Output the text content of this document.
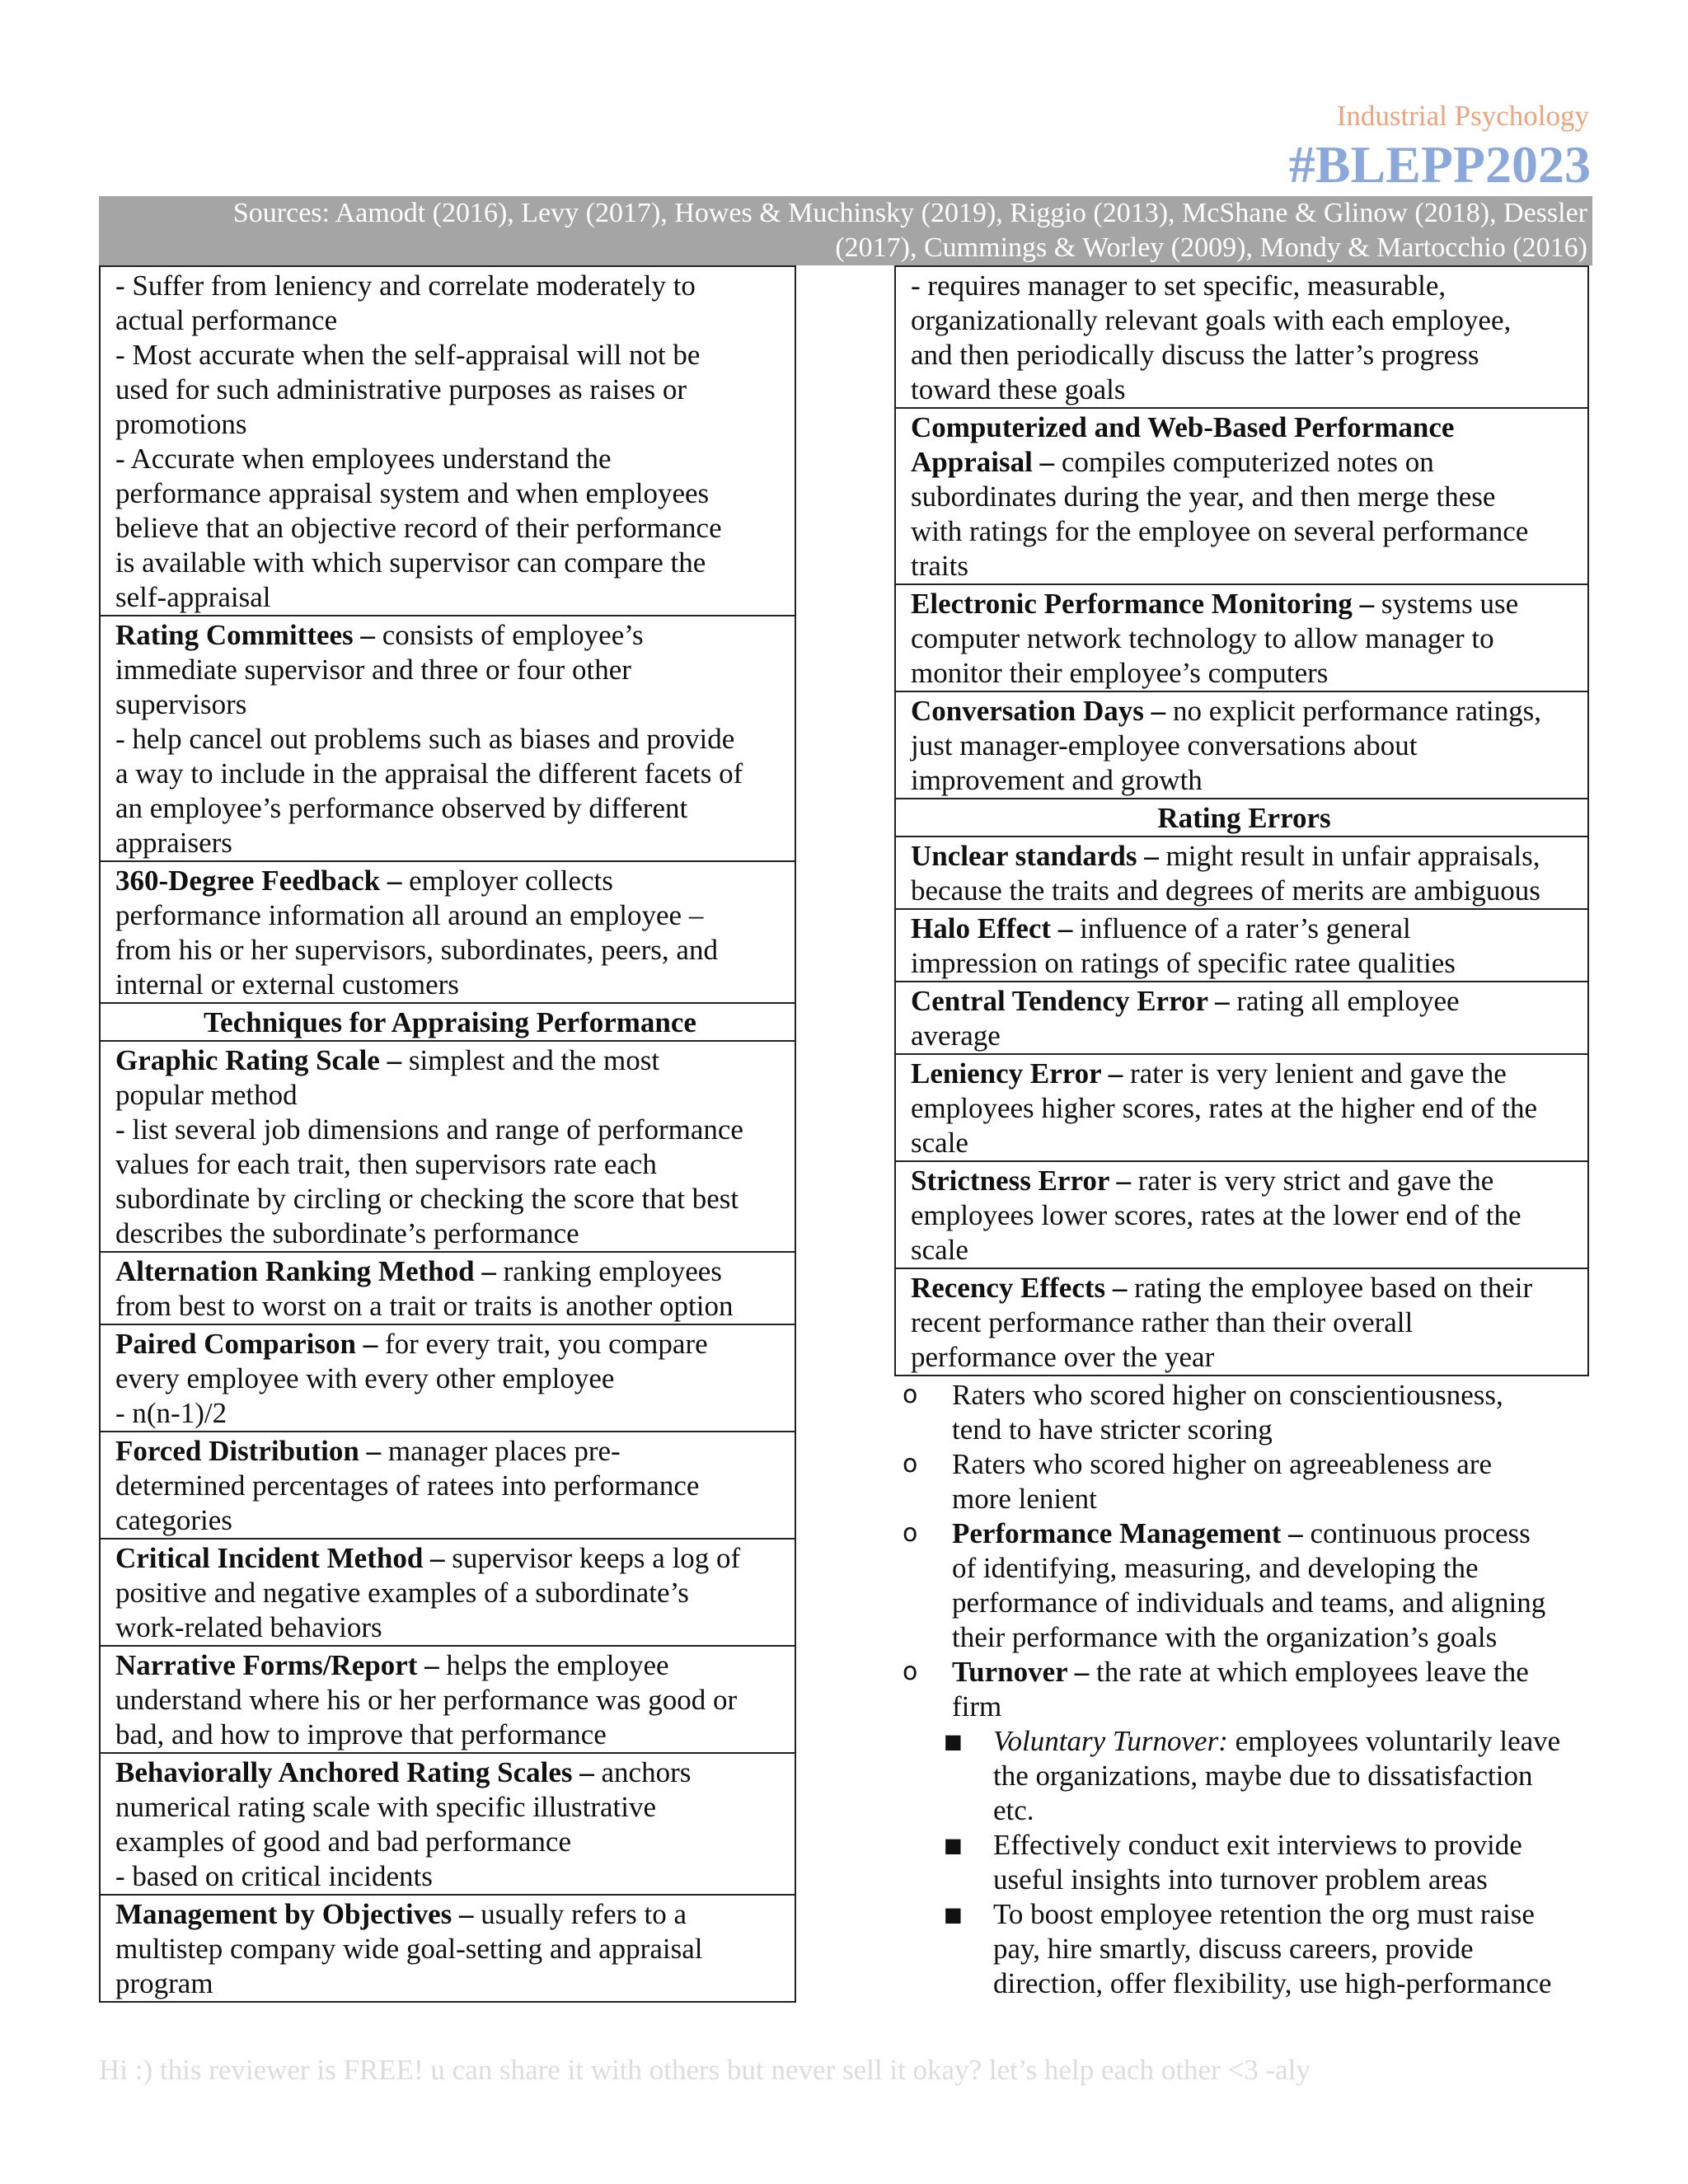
Industrial Psychology
#BLEPP2023
Sources: Aamodt (2016), Levy (2017), Howes & Muchinsky (2019), Riggio (2013), McShane & Glinow (2018), Dessler
(2017), Cummings & Worley (2009), Mondy & Martocchio (2016)
- Suffer from leniency and correlate moderately to
actual performance
- Most accurate when the self-appraisal will not be
used for such administrative purposes as raises or
promotions
- Accurate when employees understand the
performance appraisal system and when employees
believe that an objective record of their performance
is available with which supervisor can compare the
self-appraisal
Rating Committees – consists of employee’s
immediate supervisor and three or four other
supervisors
- help cancel out problems such as biases and provide
a way to include in the appraisal the different facets of
an employee’s performance observed by different
appraisers
360-Degree Feedback – employer collects
performance information all around an employee –
from his or her supervisors, subordinates, peers, and
internal or external customers
Techniques for Appraising Performance
Graphic Rating Scale – simplest and the most
popular method
- list several job dimensions and range of performance
values for each trait, then supervisors rate each
subordinate by circling or checking the score that best
describes the subordinate’s performance
Alternation Ranking Method – ranking employees
from best to worst on a trait or traits is another option
Paired Comparison – for every trait, you compare
every employee with every other employee
- n(n-1)/2
Forced Distribution – manager places pre-
determined percentages of ratees into performance
categories
Critical Incident Method – supervisor keeps a log of
positive and negative examples of a subordinate’s
work-related behaviors
Narrative Forms/Report – helps the employee
understand where his or her performance was good or
bad, and how to improve that performance
Behaviorally Anchored Rating Scales – anchors
numerical rating scale with specific illustrative
examples of good and bad performance
- based on critical incidents
Management by Objectives – usually refers to a
multistep company wide goal-setting and appraisal
program
- requires manager to set specific, measurable,
organizationally relevant goals with each employee,
and then periodically discuss the latter’s progress
toward these goals
Computerized and Web-Based Performance
Appraisal – compiles computerized notes on
subordinates during the year, and then merge these
with ratings for the employee on several performance
traits
Electronic Performance Monitoring – systems use
computer network technology to allow manager to
monitor their employee’s computers
Conversation Days – no explicit performance ratings,
just manager-employee conversations about
improvement and growth
Rating Errors
Unclear standards – might result in unfair appraisals,
because the traits and degrees of merits are ambiguous
Halo Effect – influence of a rater’s general
impression on ratings of specific ratee qualities
Central Tendency Error – rating all employee
average
Leniency Error – rater is very lenient and gave the
employees higher scores, rates at the higher end of the
scale
Strictness Error – rater is very strict and gave the
employees lower scores, rates at the lower end of the
scale
Recency Effects – rating the employee based on their
recent performance rather than their overall
performance over the year
o Raters who scored higher on conscientiousness,
tend to have stricter scoring
o Raters who scored higher on agreeableness are
more lenient
o Performance Management – continuous process
of identifying, measuring, and developing the
performance of individuals and teams, and aligning
their performance with the organization’s goals
o Turnover – the rate at which employees leave the
firm
■ Voluntary Turnover: employees voluntarily leave
the organizations, maybe due to dissatisfaction
etc.
■ Effectively conduct exit interviews to provide
useful insights into turnover problem areas
■ To boost employee retention the org must raise
pay, hire smartly, discuss careers, provide
direction, offer flexibility, use high-performance
Hi :) this reviewer is FREE! u can share it with others but never sell it okay? let’s help each other <3 -aly
